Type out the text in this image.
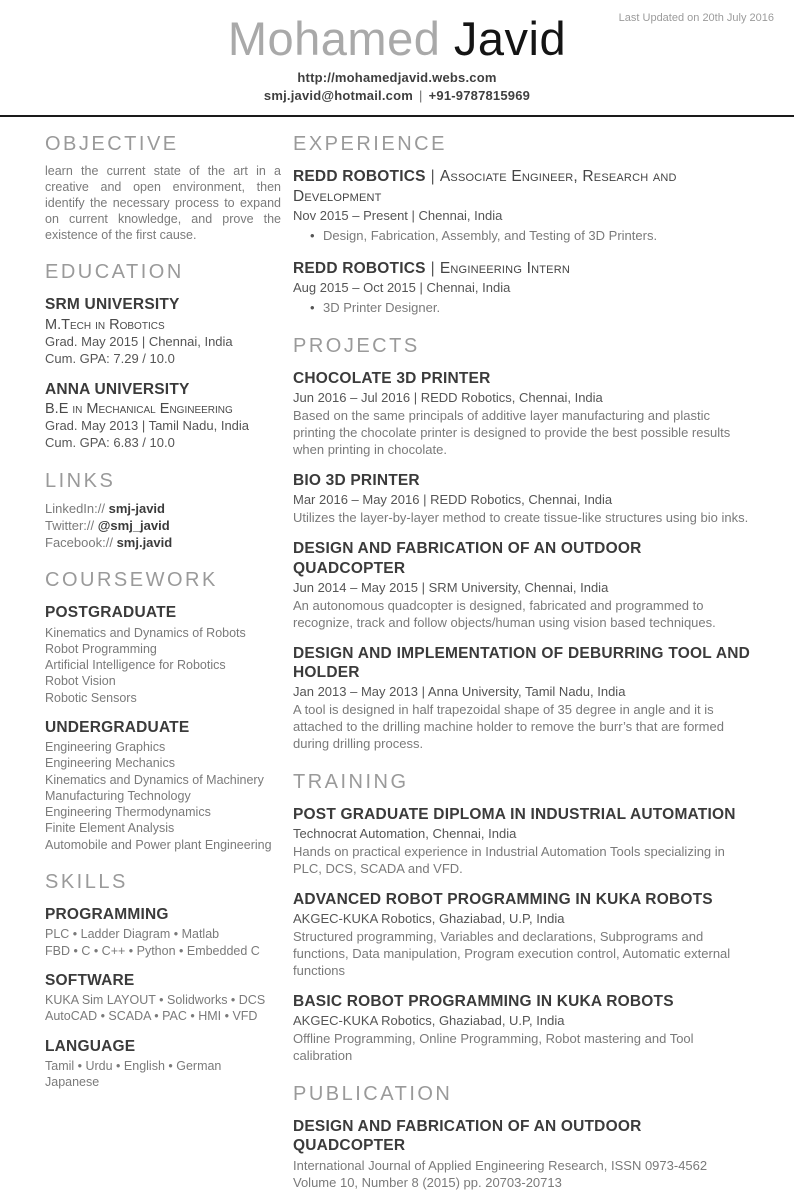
Last Updated on 20th July 2016
Mohamed Javid
http://mohamedjavid.webs.com
smj.javid@hotmail.com | +91-9787815969
OBJECTIVE

learn the current state of the art in a creative and open environment, then identify the necessary process to expand on current knowledge, and prove the existence of the first cause.

EDUCATION
SRM UNIVERSITY
M.Tech in Robotics
Grad. May 2015 | Chennai, India
Cum. GPA: 7.29 / 10.0
ANNA UNIVERSITY
B.E in Mechanical Engineering
Grad. May 2013 | Tamil Nadu, India
Cum. GPA: 6.83 / 10.0
LINKS
LinkedIn:// smj-javid
Twitter:// @smj_javid
Facebook:// smj.javid
COURSEWORK
POSTGRADUATE
Kinematics and Dynamics of Robots
Robot Programming
Artificial Intelligence for Robotics
Robot Vision
Robotic Sensors
UNDERGRADUATE
Engineering Graphics
Engineering Mechanics
Kinematics and Dynamics of Machinery
Manufacturing Technology
Engineering Thermodynamics
Finite Element Analysis
Automobile and Power plant Engineering
SKILLS
PROGRAMMING
PLC • Ladder Diagram • Matlab
FBD • C • C++ • Python • Embedded C
SOFTWARE
KUKA Sim LAYOUT • Solidworks • DCS
AutoCAD • SCADA • PAC • HMI • VFD
LANGUAGE
Tamil • Urdu • English • German
Japanese
EXPERIENCE
REDD ROBOTICS | Associate Engineer, Research and Development
Nov 2015 – Present | Chennai, India
• Design, Fabrication, Assembly, and Testing of 3D Printers.
REDD ROBOTICS | Engineering Intern
Aug 2015 – Oct 2015 | Chennai, India
• 3D Printer Designer.
PROJECTS
CHOCOLATE 3D PRINTER
Jun 2016 – Jul 2016 | REDD Robotics, Chennai, India

Based on the same principals of additive layer manufacturing and plastic printing the chocolate printer is designed to provide the best possible results when printing in chocolate.

BIO 3D PRINTER
Mar 2016 – May 2016 | REDD Robotics, Chennai, India

Utilizes the layer-by-layer method to create tissue-like structures using bio inks.

DESIGN AND FABRICATION OF AN OUTDOOR QUADCOPTER
Jun 2014 – May 2015 | SRM University, Chennai, India

An autonomous quadcopter is designed, fabricated and programmed to recognize, track and follow objects/human using vision based techniques.

DESIGN AND IMPLEMENTATION OF DEBURRING TOOL AND HOLDER
Jan 2013 – May 2013 | Anna University, Tamil Nadu, India

A tool is designed in half trapezoidal shape of 35 degree in angle and it is attached to the drilling machine holder to remove the burr’s that are formed during drilling process.

TRAINING
POST GRADUATE DIPLOMA IN INDUSTRIAL AUTOMATION
Technocrat Automation, Chennai, India

Hands on practical experience in Industrial Automation Tools specializing in PLC, DCS, SCADA and VFD.

ADVANCED ROBOT PROGRAMMING IN KUKA ROBOTS
AKGEC-KUKA Robotics, Ghaziabad, U.P, India

Structured programming, Variables and declarations, Subprograms and functions, Data manipulation, Program execution control, Automatic external functions

BASIC ROBOT PROGRAMMING IN KUKA ROBOTS
AKGEC-KUKA Robotics, Ghaziabad, U.P, India

Offline Programming, Online Programming, Robot mastering and Tool calibration

PUBLICATION
DESIGN AND FABRICATION OF AN OUTDOOR QUADCOPTER

International Journal of Applied Engineering Research, ISSN 0973-4562 Volume 10, Number 8 (2015) pp. 20703-20713
